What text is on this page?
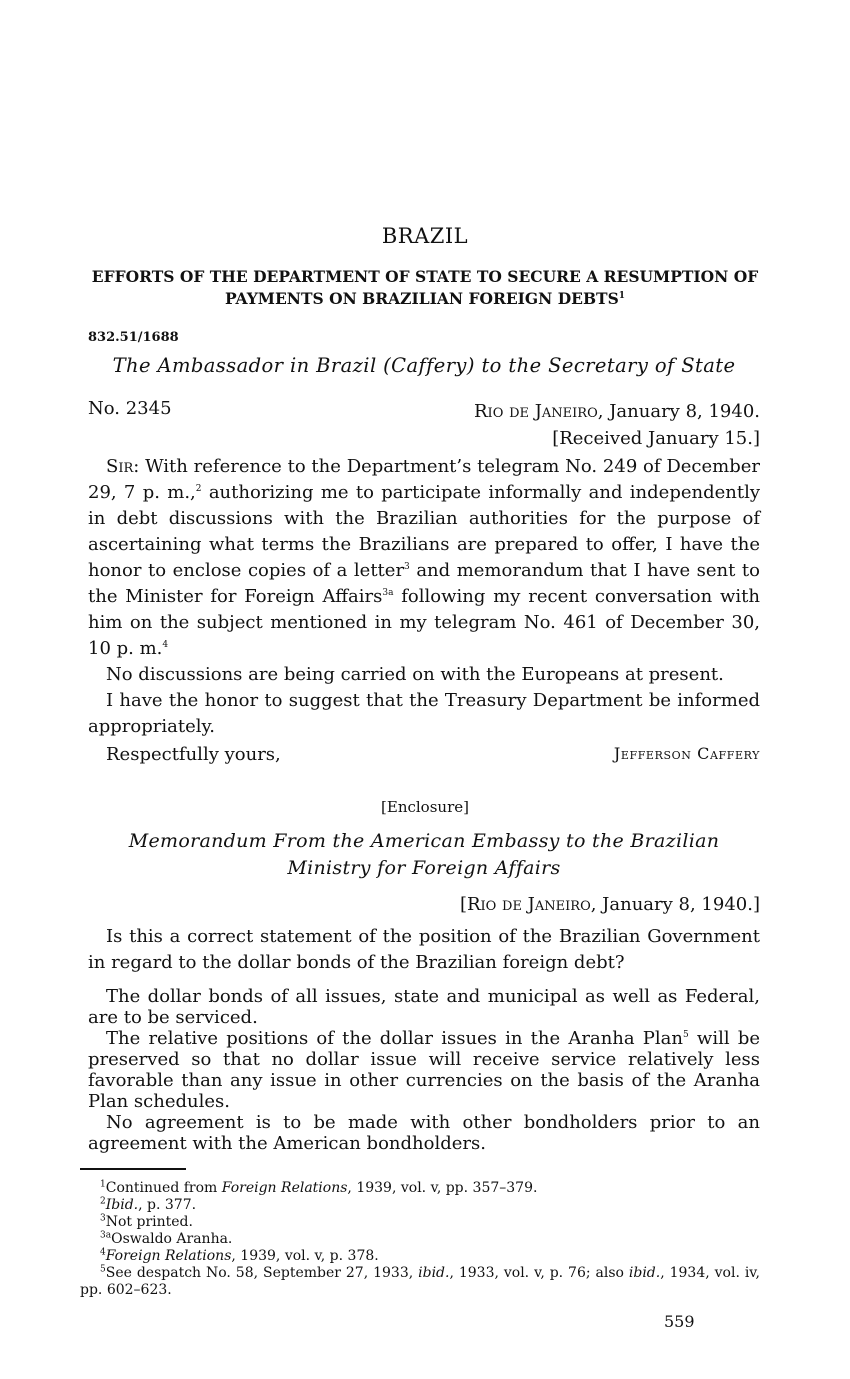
BRAZIL
EFFORTS OF THE DEPARTMENT OF STATE TO SECURE A RESUMPTION OF PAYMENTS ON BRAZILIAN FOREIGN DEBTS$^1$
832.51/1688
The Ambassador in Brazil (Caffery) to the Secretary of State
No. 2345	Rio de Janeiro, January 8, 1940.
[Received January 15.]

Sir: With reference to the Department’s telegram No. 249 of December 29, 7 p. m.,$^2$ authorizing me to participate informally and independently in debt discussions with the Brazilian authorities for the purpose of ascertaining what terms the Brazilians are prepared to offer, I have the honor to enclose copies of a letter$^3$ and memorandum that I have sent to the Minister for Foreign Affairs$^{3a}$ following my recent conversation with him on the subject mentioned in my telegram No. 461 of December 30, 10 p. m.$^4$

No discussions are being carried on with the Europeans at present.

I have the honor to suggest that the Treasury Department be informed appropriately.

Respectfully yours,	Jefferson Caffery
[Enclosure]
Memorandum From the American Embassy to the Brazilian Ministry for Foreign Affairs
[Rio de Janeiro, January 8, 1940.]

Is this a correct statement of the position of the Brazilian Government in regard to the dollar bonds of the Brazilian foreign debt?

The dollar bonds of all issues, state and municipal as well as Federal, are to be serviced.

The relative positions of the dollar issues in the Aranha Plan$^5$ will be preserved so that no dollar issue will receive service relatively less favorable than any issue in other currencies on the basis of the Aranha Plan schedules.

No agreement is to be made with other bondholders prior to an agreement with the American bondholders.

$^1$Continued from Foreign Relations, 1939, vol. v, pp. 357–379.
$^2$Ibid., p. 377.
$^3$Not printed.
$^{3a}$Oswaldo Aranha.
$^4$Foreign Relations, 1939, vol. v, p. 378.
$^5$See despatch No. 58, September 27, 1933, ibid., 1933, vol. v, p. 76; also ibid., 1934, vol. iv, pp. 602–623.
559
